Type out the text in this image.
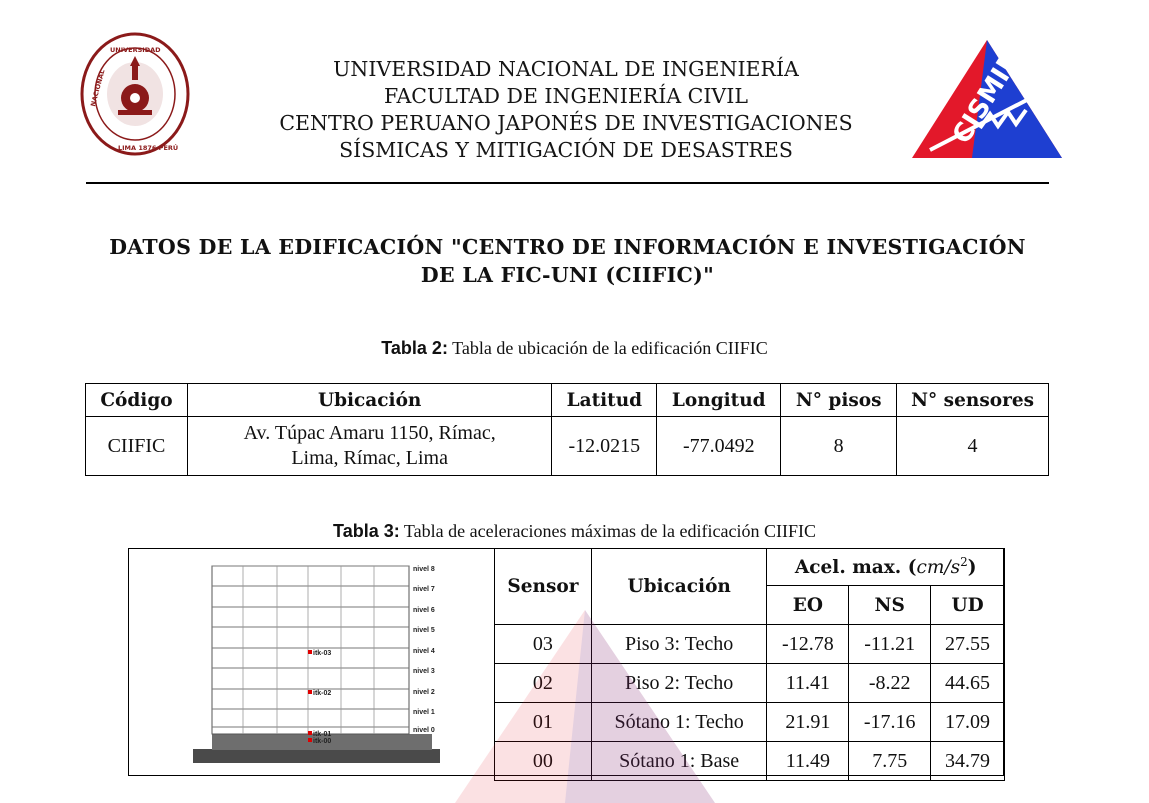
UNIVERSIDAD
NACIONAL
LIMA 1876 PERÚ
UNIVERSIDAD NACIONAL DE INGENIERÍA
FACULTAD DE INGENIERÍA CIVIL
CENTRO PERUANO JAPONÉS DE INVESTIGACIONES
SÍSMICAS Y MITIGACIÓN DE DESASTRES
CISMID
DATOS DE LA EDIFICACIÓN "CENTRO DE INFORMACIÓN E INVESTIGACIÓN
DE LA FIC-UNI (CIIFIC)"
Tabla 2: Tabla de ubicación de la edificación CIIFIC
Código	Ubicación	Latitud	Longitud	N° pisos	N° sensores
CIIFIC	Av. Túpac Amaru 1150, Rímac,
Lima, Rímac, Lima	-12.0215	-77.0492	8	4
Tabla 3: Tabla de aceleraciones máximas de la edificación CIIFIC
nivel 8
nivel 7
nivel 6
nivel 5
nivel 4
nivel 3
nivel 2
nivel 1
nivel 0
itk-03
itk-02
itk-01
itk-00
Sensor	Ubicación	Acel. max. $(cm/s^2)$		
		EO	NS	UD
03	Piso 3: Techo	-12.78	-11.21	27.55
02	Piso 2: Techo	11.41	-8.22	44.65
01	Sótano 1: Techo	21.91	-17.16	17.09
00	Sótano 1: Base	11.49	7.75	34.79
